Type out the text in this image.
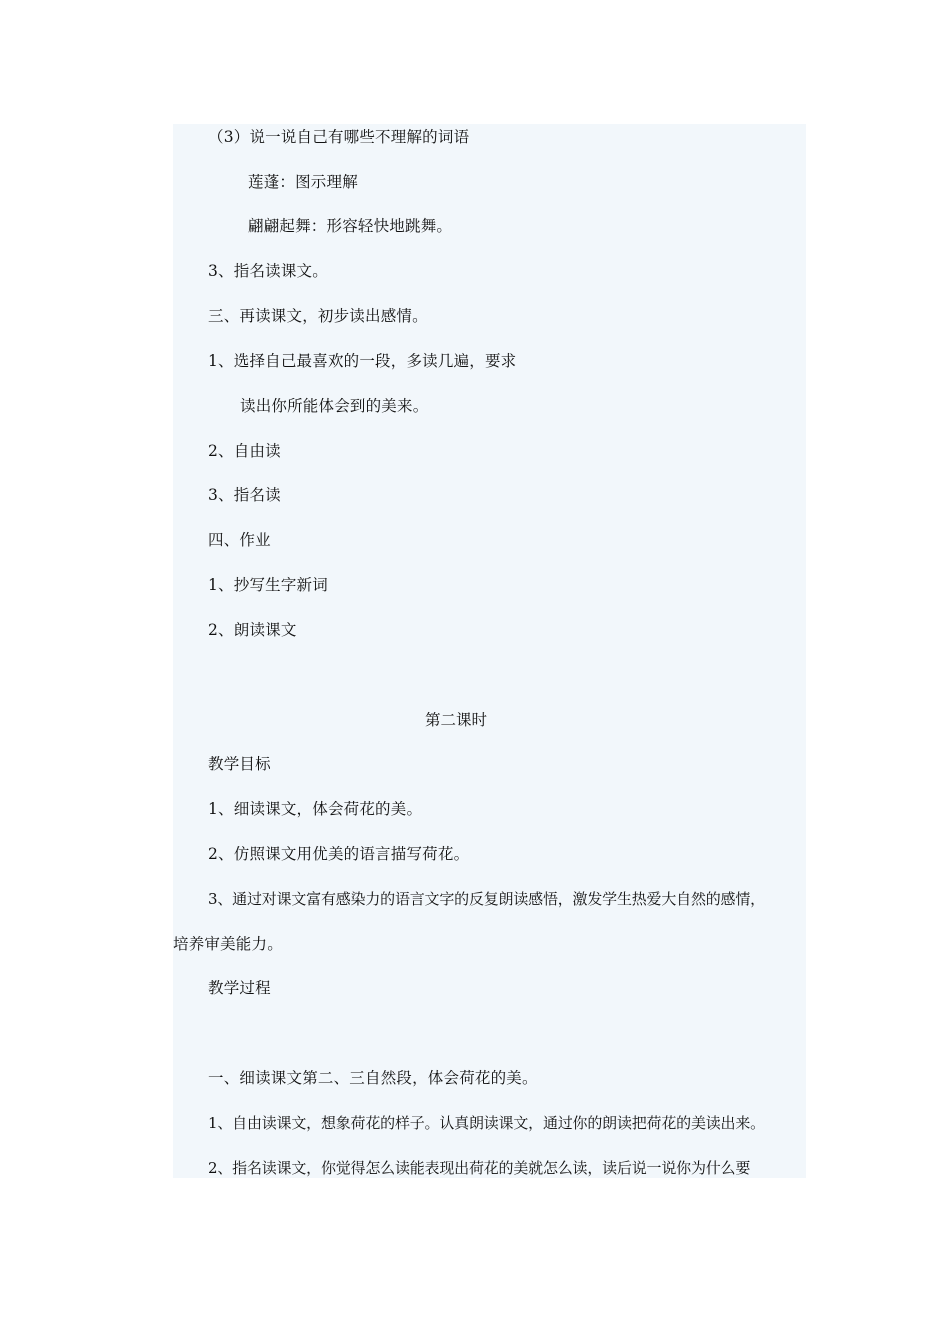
（3）说一说自己有哪些不理解的词语
莲蓬：图示理解
翩翩起舞：形容轻快地跳舞。
3、指名读课文。
三、再读课文，初步读出感情。
1、选择自己最喜欢的一段，多读几遍，要求
读出你所能体会到的美来。
2、自由读
3、指名读
四、作业
1、抄写生字新词
2、朗读课文
第二课时
教学目标
1、细读课文，体会荷花的美。
2、仿照课文用优美的语言描写荷花。
3、通过对课文富有感染力的语言文字的反复朗读感悟，激发学生热爱大自然的感情，
培养审美能力。
教学过程
一、细读课文第二、三自然段，体会荷花的美。
1、自由读课文，想象荷花的样子。认真朗读课文，通过你的朗读把荷花的美读出来。
2、指名读课文，你觉得怎么读能表现出荷花的美就怎么读，读后说一说你为什么要
